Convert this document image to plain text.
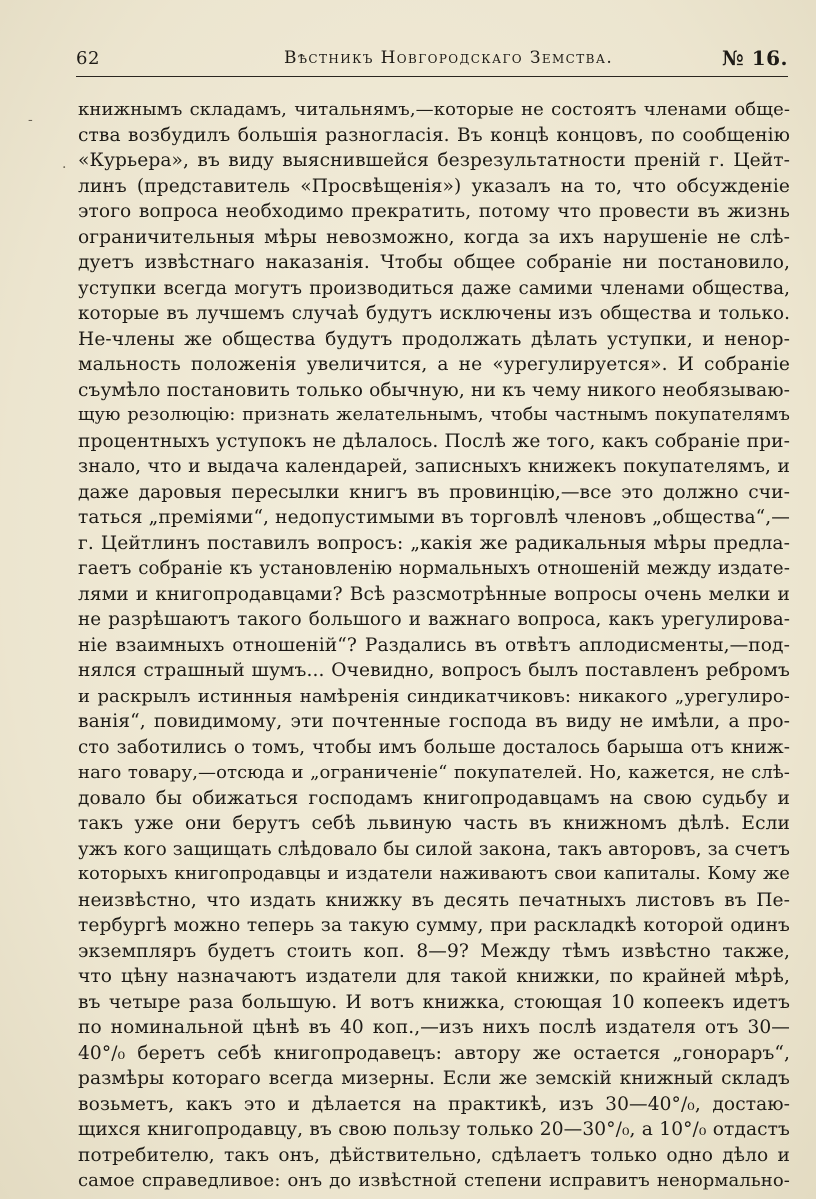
62	Вѣстникъ Новгородскаго Земства.	№ 16.
-
·
книжнымъ складамъ, читальнямъ,—которые не состоятъ членами обще-
ства возбудилъ большія разногласія. Въ концѣ концовъ, по сообщенію
«Курьера», въ виду выяснившейся безрезультатности преній г. Цейт-
линъ (представитель «Просвѣщенія») указалъ на то, что обсужденіе
этого вопроса необходимо прекратить, потому что провести въ жизнь
ограничительныя мѣры невозможно, когда за ихъ нарушеніе не слѣ-
дуетъ извѣстнаго наказанія. Чтобы общее собраніе ни постановило,
уступки всегда могутъ производиться даже самими членами общества,
которые въ лучшемъ случаѣ будутъ исключены изъ общества и только.
Не-члены же общества будутъ продолжать дѣлать уступки, и ненор-
мальность положенія увеличится, а не «урегулируется». И собраніе
съумѣло постановить только обычную, ни къ чему никого необязываю-
щую резолюцію: признать желательнымъ, чтобы частнымъ покупателямъ
процентныхъ уступокъ не дѣлалось. Послѣ же того, какъ собраніе при-
знало, что и выдача календарей, записныхъ книжекъ покупателямъ, и
даже даровыя пересылки книгъ въ провинцію,—все это должно счи-
таться „преміями“, недопустимыми въ торговлѣ членовъ „общества“,—
г. Цейтлинъ поставилъ вопросъ: „какія же радикальныя мѣры предла-
гаетъ собраніе къ установленію нормальныхъ отношеній между издате-
лями и книгопродавцами? Всѣ разсмотрѣнные вопросы очень мелки и
не разрѣшаютъ такого большого и важнаго вопроса, какъ урегулирова-
ніе взаимныхъ отношеній“? Раздались въ отвѣтъ аплодисменты,—под-
нялся страшный шумъ... Очевидно, вопросъ былъ поставленъ ребромъ
и раскрылъ истинныя намѣренія синдикатчиковъ: никакого „урегулиро-
ванія“, повидимому, эти почтенные господа въ виду не имѣли, а про-
сто заботились о томъ, чтобы имъ больше досталось барыша отъ книж-
наго товару,—отсюда и „ограниченіе“ покупателей. Но, кажется, не слѣ-
довало бы обижаться господамъ книгопродавцамъ на свою судьбу и
такъ уже они берутъ себѣ львиную часть въ книжномъ дѣлѣ. Если
ужъ кого защищать слѣдовало бы силой закона, такъ авторовъ, за счетъ
которыхъ книгопродавцы и издатели наживаютъ свои капиталы. Кому же
неизвѣстно, что издать книжку въ десять печатныхъ листовъ въ Пе-
тербургѣ можно теперь за такую сумму, при раскладкѣ которой одинъ
экземпляръ будетъ стоить коп. 8—9? Между тѣмъ извѣстно также,
что цѣну назначаютъ издатели для такой книжки, по крайней мѣрѣ,
въ четыре раза большую. И вотъ книжка, стоющая 10 копеекъ идетъ
по номинальной цѣнѣ въ 40 коп.,—изъ нихъ послѣ издателя отъ 30—
40°/₀ беретъ себѣ книгопродавецъ: автору же остается „гонораръ“,
размѣры котораго всегда мизерны. Если же земскій книжный складъ
возьметъ, какъ это и дѣлается на практикѣ, изъ 30—40°/₀, достаю-
щихся книгопродавцу, въ свою пользу только 20—30°/₀, а 10°/₀ отдастъ
потребителю, такъ онъ, дѣйствительно, сдѣлаетъ только одно дѣло и
самое справедливое: онъ до извѣстной степени исправитъ ненормально-
